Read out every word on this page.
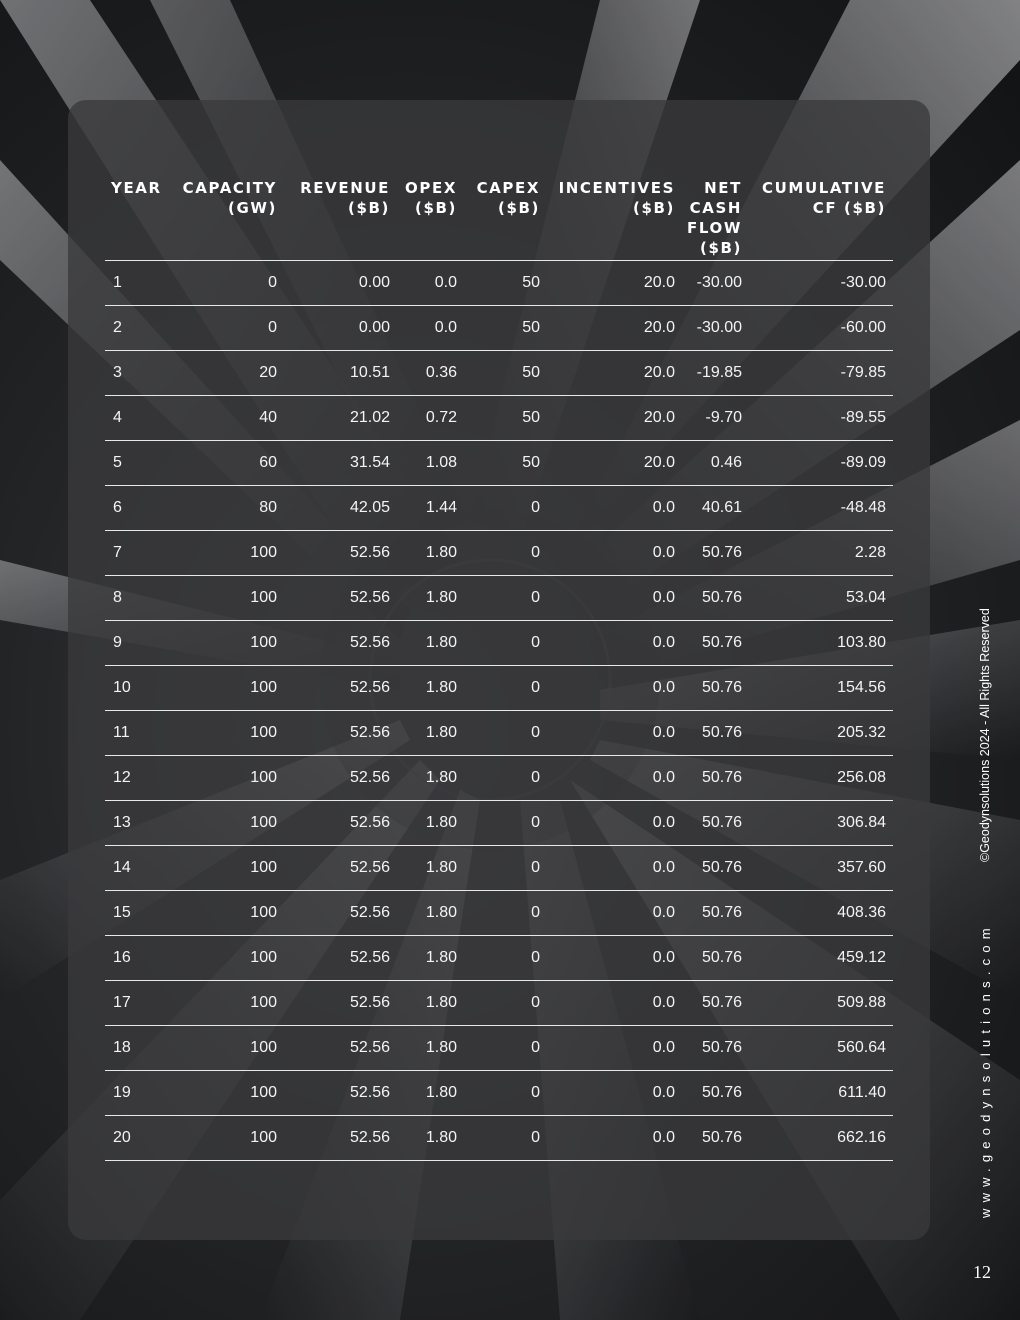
YEAR	CAPACITY (GW)	REVENUE ($B)	OPEX ($B)	CAPEX ($B)	INCENTIVES ($B)	NET CASH FLOW ($B)	CUMULATIVE CF ($B)
1	0	0.00	0.0	50	20.0	-30.00	-30.00
2	0	0.00	0.0	50	20.0	-30.00	-60.00
3	20	10.51	0.36	50	20.0	-19.85	-79.85
4	40	21.02	0.72	50	20.0	-9.70	-89.55
5	60	31.54	1.08	50	20.0	0.46	-89.09
6	80	42.05	1.44	0	0.0	40.61	-48.48
7	100	52.56	1.80	0	0.0	50.76	2.28
8	100	52.56	1.80	0	0.0	50.76	53.04
9	100	52.56	1.80	0	0.0	50.76	103.80
10	100	52.56	1.80	0	0.0	50.76	154.56
11	100	52.56	1.80	0	0.0	50.76	205.32
12	100	52.56	1.80	0	0.0	50.76	256.08
13	100	52.56	1.80	0	0.0	50.76	306.84
14	100	52.56	1.80	0	0.0	50.76	357.60
15	100	52.56	1.80	0	0.0	50.76	408.36
16	100	52.56	1.80	0	0.0	50.76	459.12
17	100	52.56	1.80	0	0.0	50.76	509.88
18	100	52.56	1.80	0	0.0	50.76	560.64
19	100	52.56	1.80	0	0.0	50.76	611.40
20	100	52.56	1.80	0	0.0	50.76	662.16
©Geodynsolutions 2024 - All Rights Reserved
www.geodynsolutions.com
12
